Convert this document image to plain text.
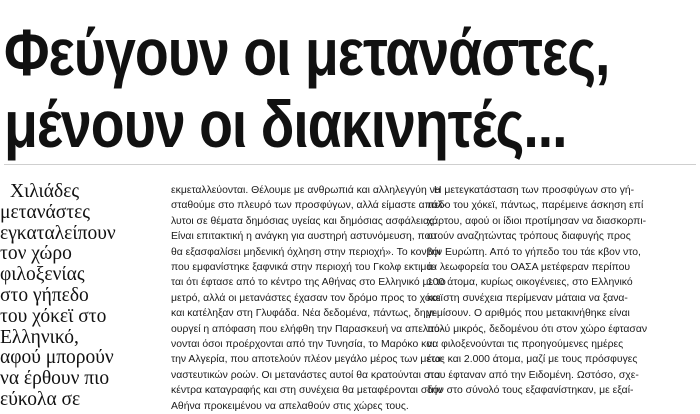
Φεύγουν οι μετανάστες,
μένουν οι διακινητές...
Χιλιάδες
μετανάστες
εγκαταλείπουν
τον χώρο
φιλοξενίας
στο γήπεδο
του χόκεϊ στο
Ελληνικό,
αφού μπορούν
να έρθουν πιο
εύκολα σε
εκμεταλλεύονται. Θέλουμε με ανθρωπιά και αλληλεγγύη να
σταθούμε στο πλευρό των προσφύγων, αλλά είμαστε απόλ-
λυτοι σε θέματα δημόσιας υγείας και δημόσιας ασφάλειας.
Είναι επιτακτική η ανάγκη για αυστηρή αστυνόμευση, που
θα εξασφαλίσει μηδενική όχληση στην περιοχή». Το κονβόι
που εμφανίστηκε ξαφνικά στην περιοχή του Γκολφ εκτιμά-
ται ότι έφτασε από το κέντρο της Αθήνας στο Ελληνικό με το
μετρό, αλλά οι μετανάστες έχασαν τον δρόμο προς το χόκεϊ
και κατέληξαν στη Γλυφάδα. Νέα δεδομένα, πάντως, δημι-
ουργεί η απόφαση που ελήφθη την Παρασκευή να απελαύ-
νονται όσοι προέρχονται από την Τυνησία, το Μαρόκο και
την Αλγερία, που αποτελούν πλέον μεγάλο μέρος των μετα-
ναστευτικών ροών. Οι μετανάστες αυτοί θα κρατούνται στα
κέντρα καταγραφής και στη συνέχεια θα μεταφέρονται στην
Αθήνα προκειμένου να απελαθούν στις χώρες τους.
Η μετεγκατάσταση των προσφύγων στο γή-
πεδο του χόκεϊ, πάντως, παρέμεινε άσκηση επί
χάρτου, αφού οι ίδιοι προτίμησαν να διασκορπι-
στούν αναζητώντας τρόπους διαφυγής προς
την Ευρώπη. Από το γήπεδο του τάε κβον ντο,
τα λεωφορεία του ΟΑΣΑ μετέφεραν περίπου
100 άτομα, κυρίως οικογένειες, στο Ελληνικό
και στη συνέχεια περίμεναν μάταια να ξανα-
γεμίσουν. Ο αριθμός που μετακινήθηκε είναι
πολύ μικρός, δεδομένου ότι στον χώρο έφτασαν
να φιλοξενούνται τις προηγούμενες ημέρες
έως και 2.000 άτομα, μαζί με τους πρόσφυγες
που έφταναν από την Ειδομένη. Ωστόσο, σχε-
δόν στο σύνολό τους εξαφανίστηκαν, με εξαί-
